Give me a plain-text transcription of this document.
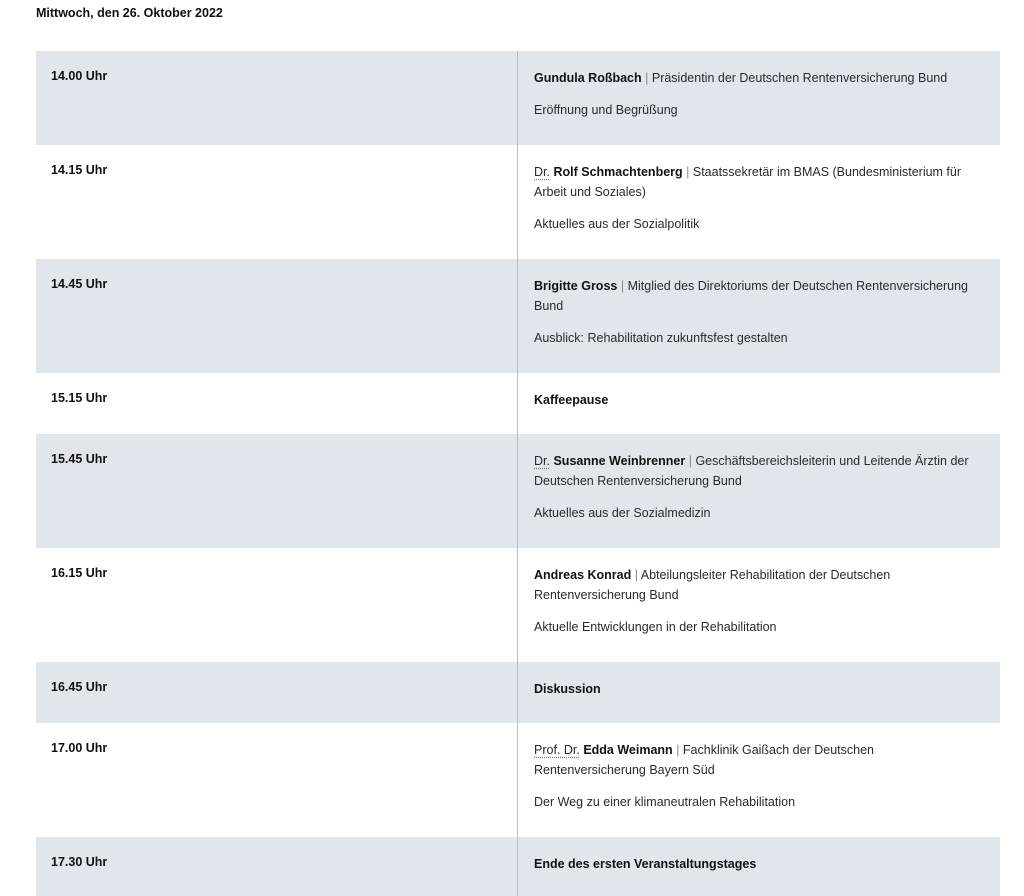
Mittwoch, den 26. Oktober 2022
14.00 Uhr	Gundula Roßbach | Präsidentin der Deutschen Rentenversicherung Bund

Eröffnung und Begrüßung

14.15 Uhr	Dr. Rolf Schmachtenberg | Staatssekretär im BMAS (Bundesministerium für Arbeit und Soziales)

Aktuelles aus der Sozialpolitik

14.45 Uhr	Brigitte Gross | Mitglied des Direktoriums der Deutschen Rentenversicherung Bund

Ausblick: Rehabilitation zukunftsfest gestalten

15.15 Uhr	Kaffeepause

15.45 Uhr	Dr. Susanne Weinbrenner | Geschäftsbereichsleiterin und Leitende Ärztin der Deutschen Rentenversicherung Bund

Aktuelles aus der Sozialmedizin

16.15 Uhr	Andreas Konrad | Abteilungsleiter Rehabilitation der Deutschen Rentenversicherung Bund

Aktuelle Entwicklungen in der Rehabilitation

16.45 Uhr	Diskussion

17.00 Uhr	Prof. Dr. Edda Weimann | Fachklinik Gaißach der Deutschen Rentenversicherung Bayern Süd

Der Weg zu einer klimaneutralen Rehabilitation

17.30 Uhr	Ende des ersten Veranstaltungstages
